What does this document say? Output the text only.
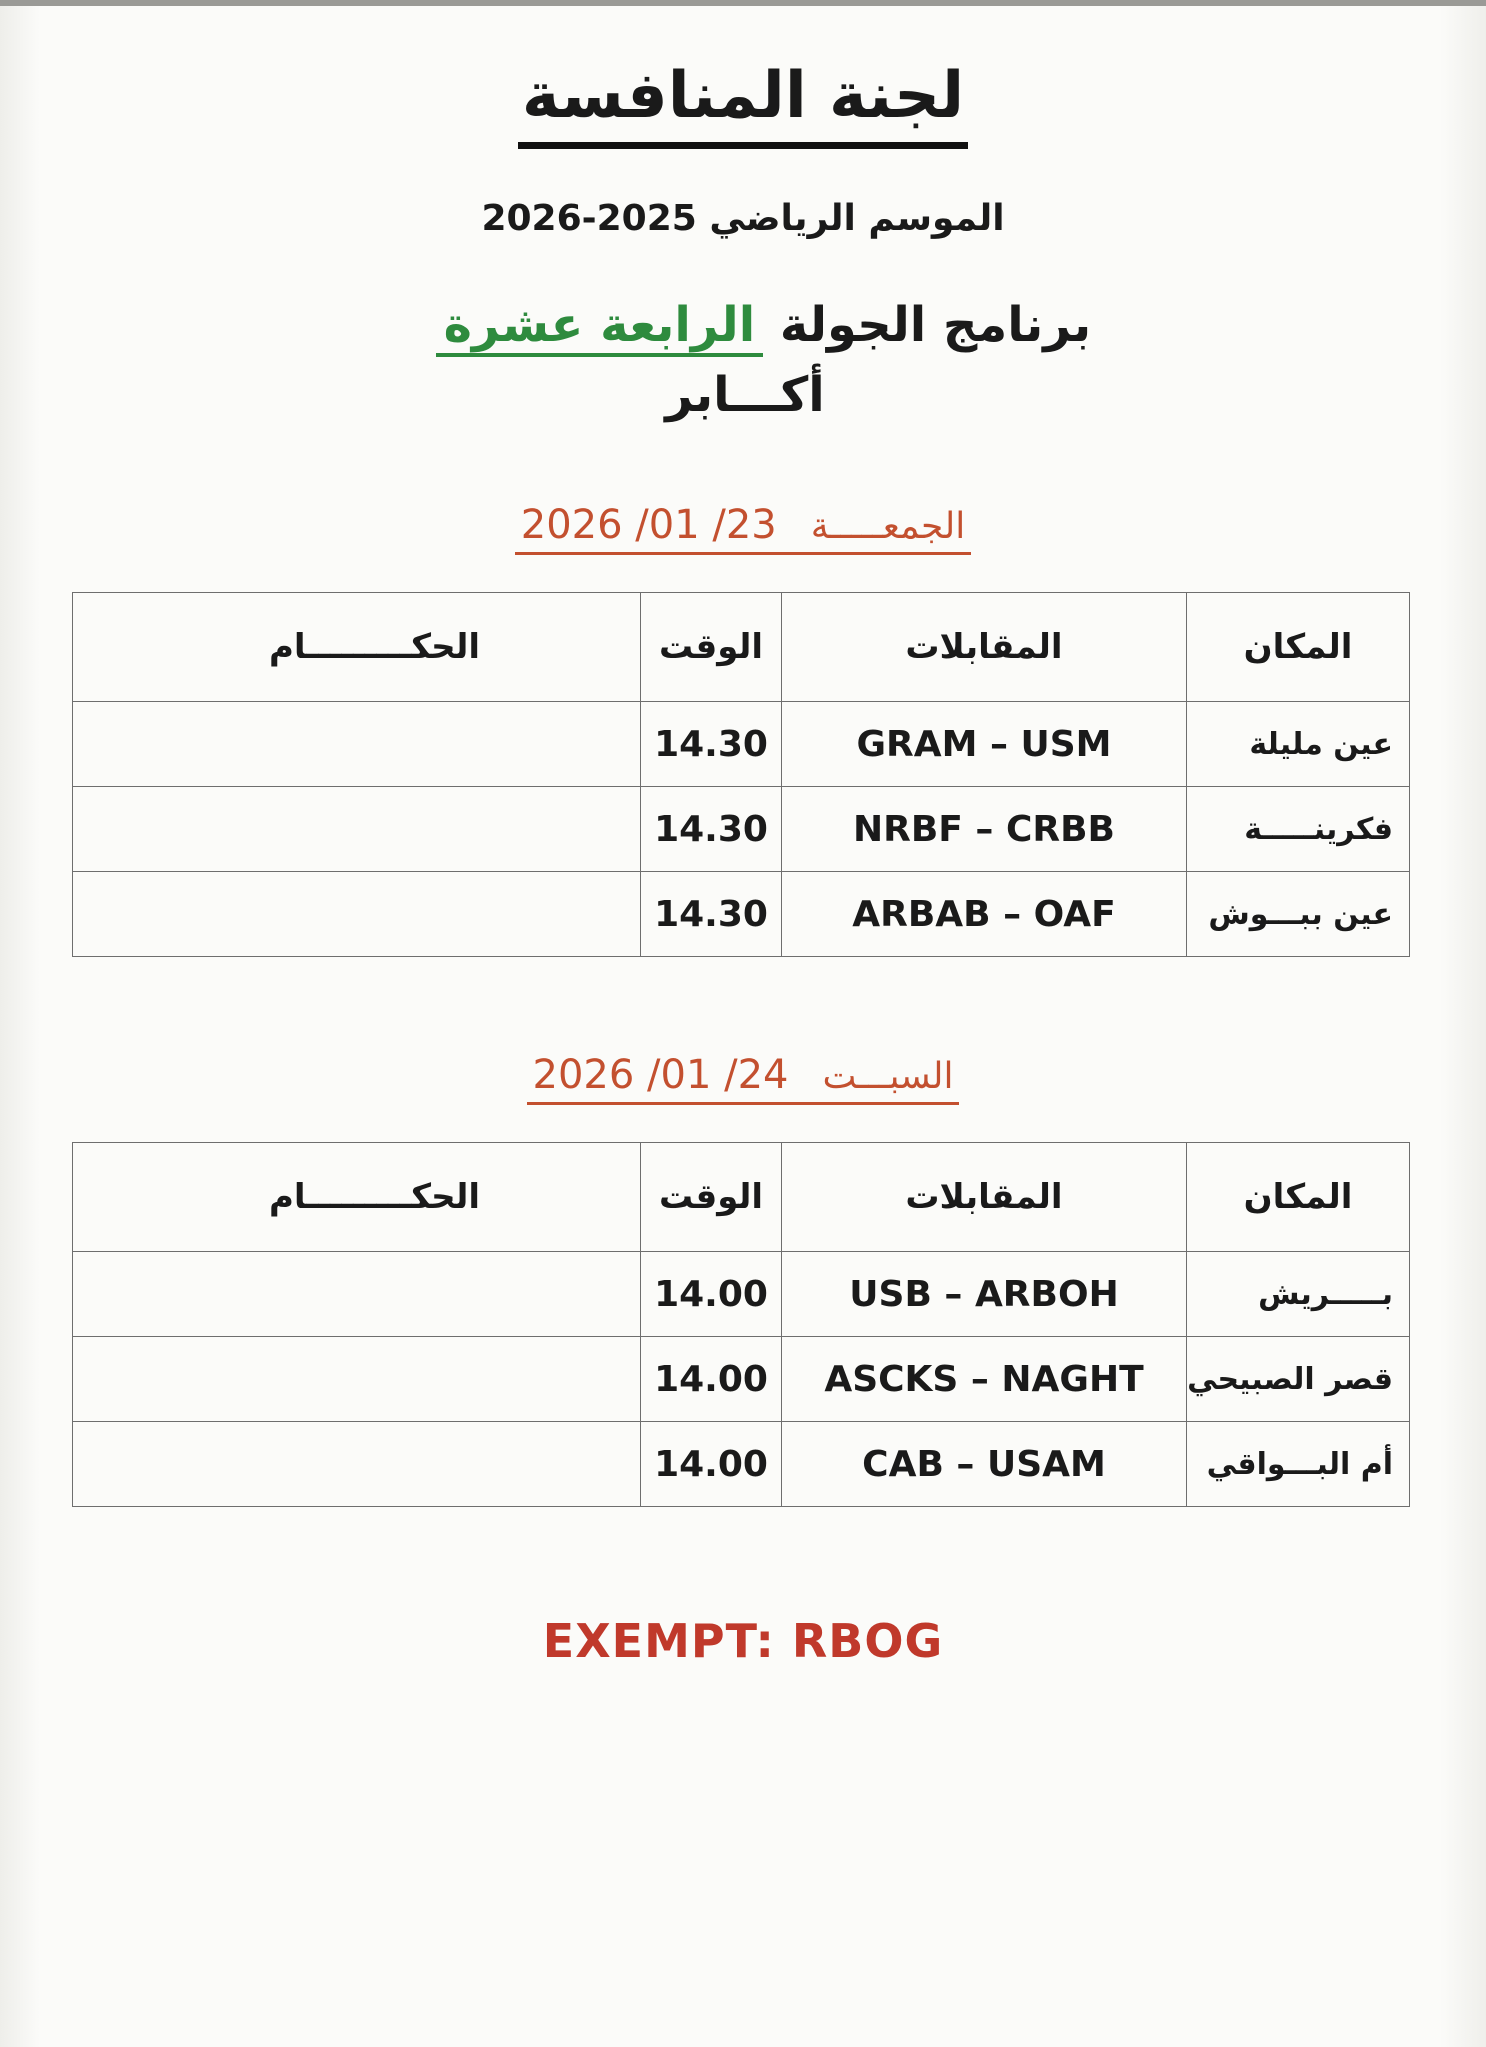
لجنة المنافسة
الموسم الرياضي 2025-2026
برنامج الجولة الرابعة عشرة أكـــابر
الجمعـــــة2026 /01 /23
المكان	المقابلات	الوقت	الحكـــــــــام
عين مليلة	GRAM – USM	14.30	
فكرينـــــة	NRBF – CRBB	14.30	
عين ببـــوش	ARBAB – OAF	14.30	
السبـــت2026 /01 /24
المكان	المقابلات	الوقت	الحكـــــــــام
بـــــريش	USB – ARBOH	14.00	
قصر الصبيحي	ASCKS – NAGHT	14.00	
أم البـــواقي	CAB – USAM	14.00	
EXEMPT: RBOG
